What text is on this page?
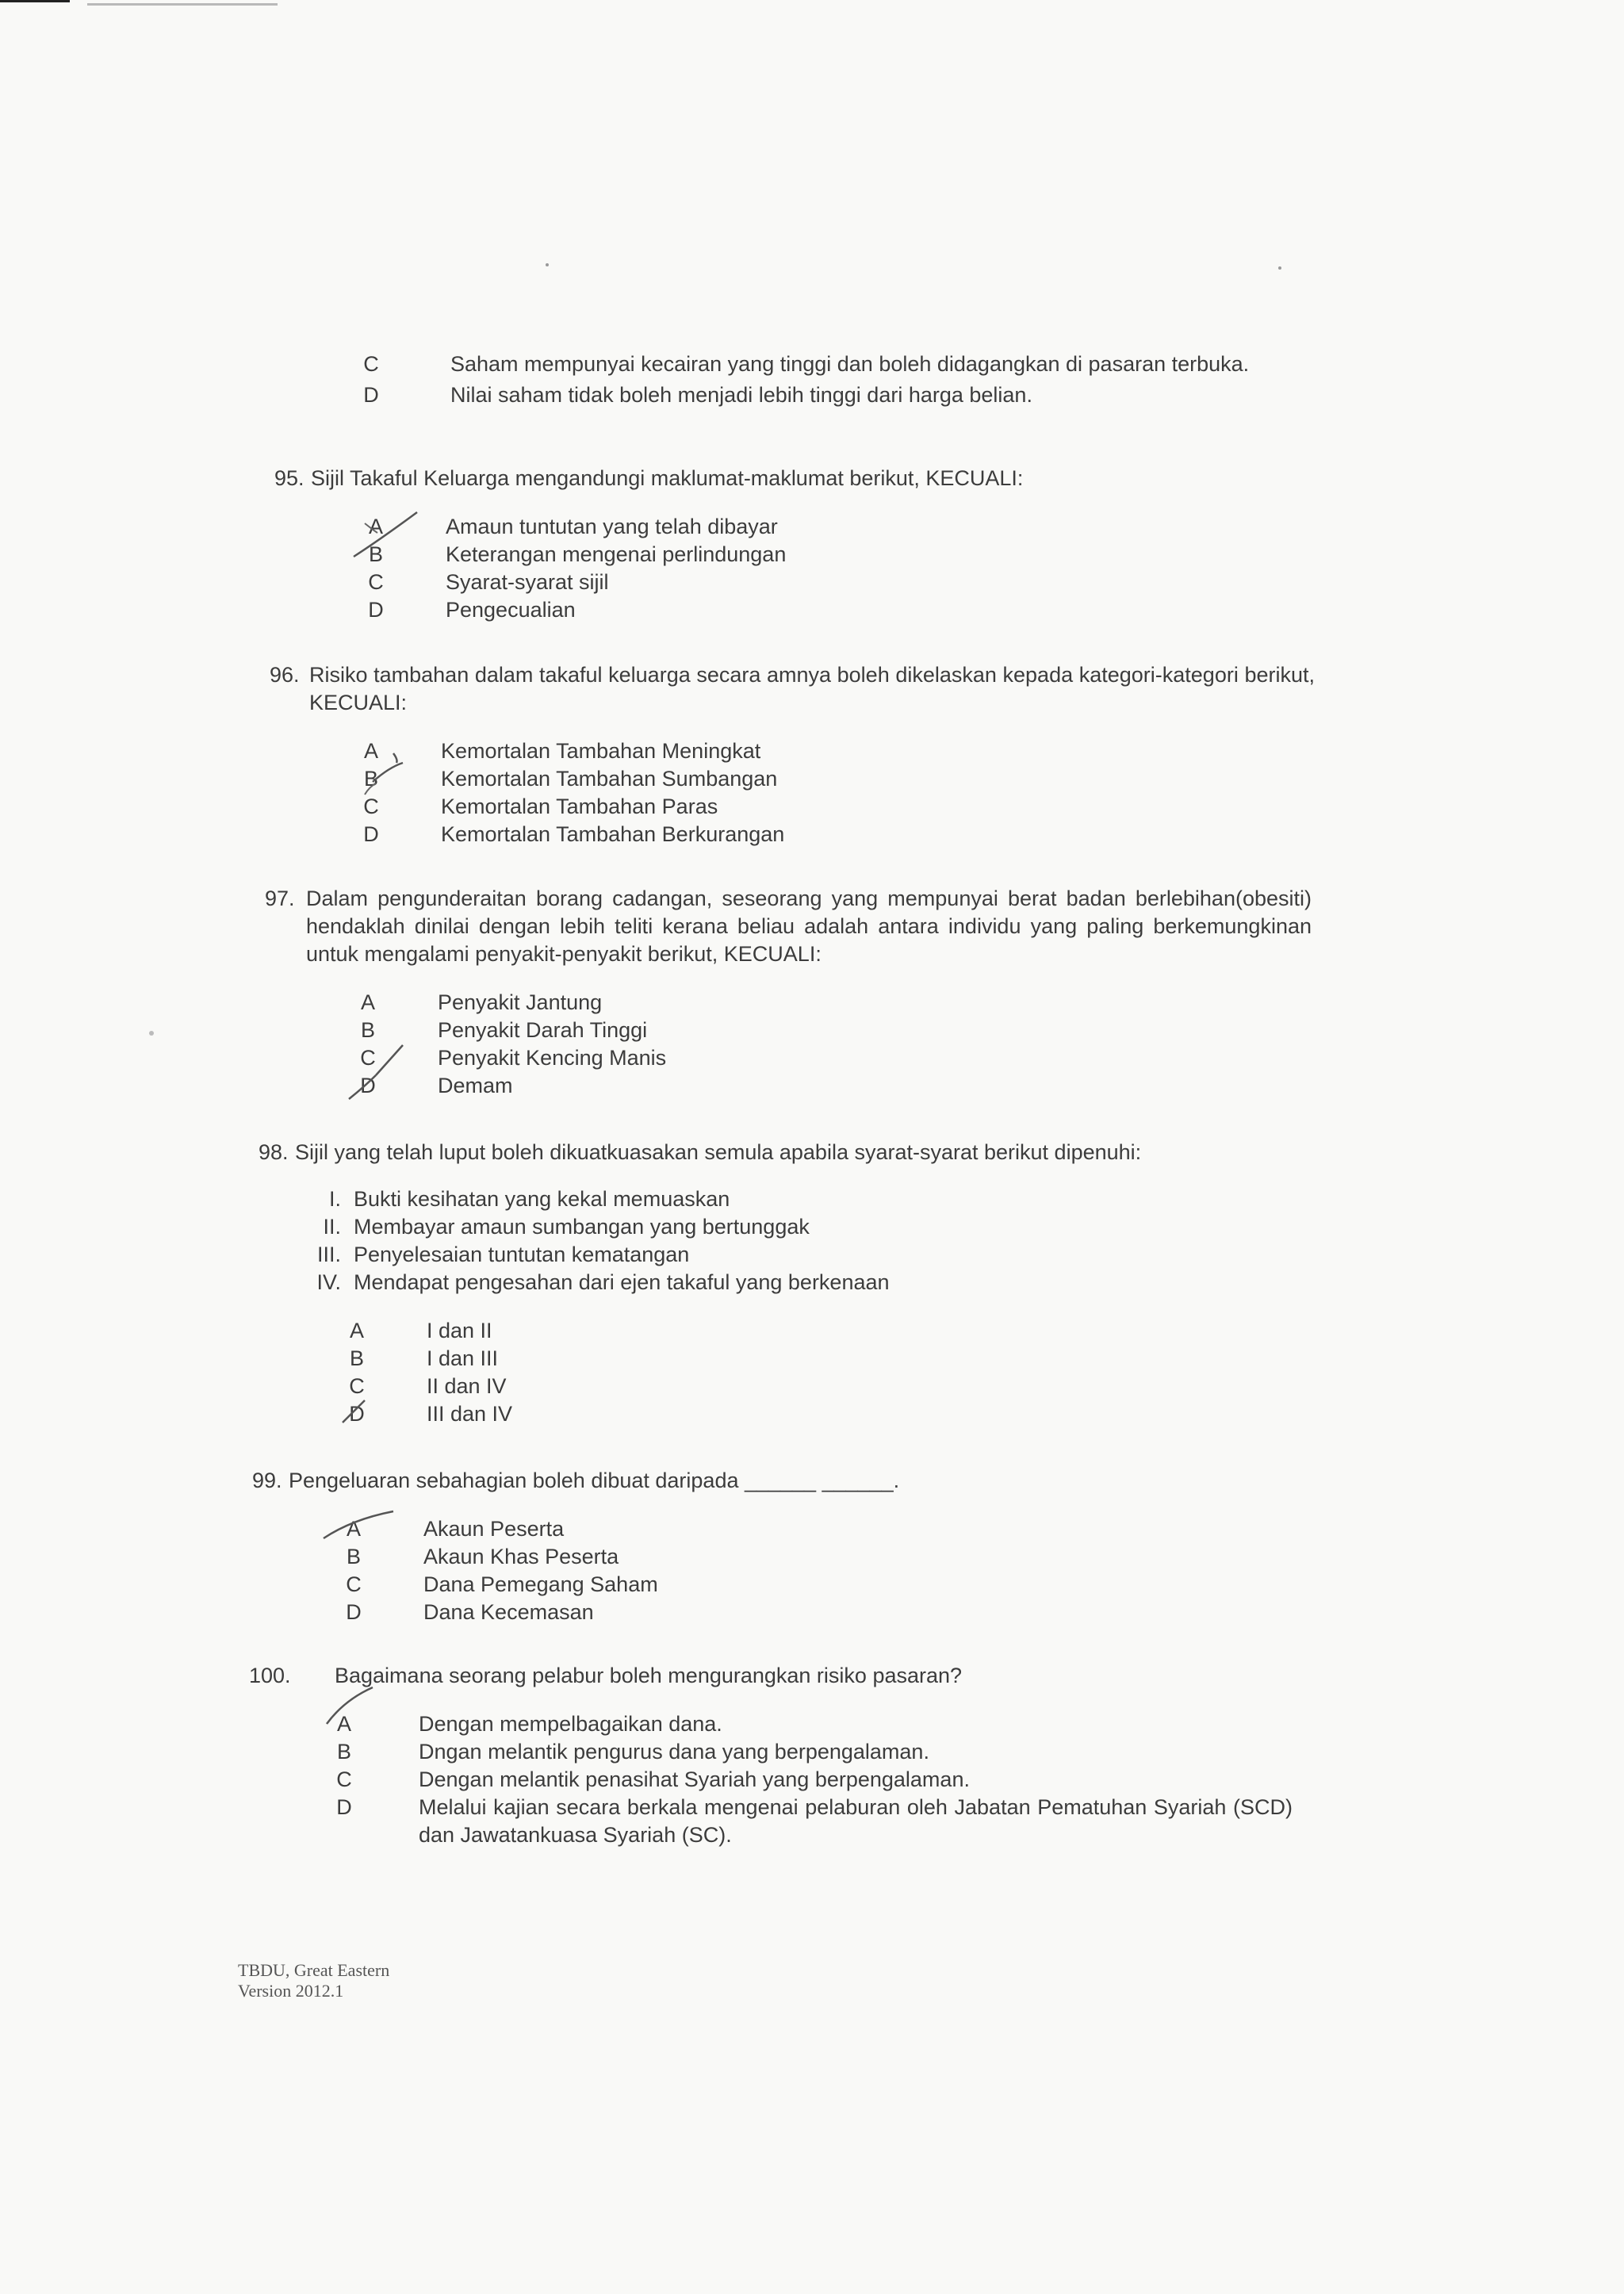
C	Saham mempunyai kecairan yang tinggi dan boleh didagangkan di pasaran terbuka.
D	Nilai saham tidak boleh menjadi lebih tinggi dari harga belian.
95. Sijil Takaful Keluarga mengandungi maklumat-maklumat berikut, KECUALI:
A	Amaun tuntutan yang telah dibayar
B	Keterangan mengenai perlindungan
C	Syarat-syarat sijil
D	Pengecualian
96. Risiko tambahan dalam takaful keluarga secara amnya boleh dikelaskan kepada kategori-kategori berikut, KECUALI:
A	Kemortalan Tambahan Meningkat
B	Kemortalan Tambahan Sumbangan
C	Kemortalan Tambahan Paras
D	Kemortalan Tambahan Berkurangan
97. Dalam pengunderaitan borang cadangan, seseorang yang mempunyai berat badan berlebihan(obesiti) hendaklah dinilai dengan lebih teliti kerana beliau adalah antara individu yang paling berkemungkinan untuk mengalami penyakit-penyakit berikut, KECUALI:
A	Penyakit Jantung
B	Penyakit Darah Tinggi
C	Penyakit Kencing Manis
D	Demam
98. Sijil yang telah luput boleh dikuatkuasakan semula apabila syarat-syarat berikut dipenuhi:
I. Bukti kesihatan yang kekal memuaskan
II. Membayar amaun sumbangan yang bertunggak
III. Penyelesaian tuntutan kematangan
IV. Mendapat pengesahan dari ejen takaful yang berkenaan
A	I dan II
B	I dan III
C	II dan IV
D	III dan IV
99. Pengeluaran sebahagian boleh dibuat daripada ______ ______.
A	Akaun Peserta
B	Akaun Khas Peserta
C	Dana Pemegang Saham
D	Dana Kecemasan
100.	Bagaimana seorang pelabur boleh mengurangkan risiko pasaran?
A	Dengan mempelbagaikan dana.
B	Dngan melantik pengurus dana yang berpengalaman.
C	Dengan melantik penasihat Syariah yang berpengalaman.
D	Melalui kajian secara berkala mengenai pelaburan oleh Jabatan Pematuhan Syariah (SCD) dan Jawatankuasa Syariah (SC).
TBDU, Great Eastern
Version 2012.1
